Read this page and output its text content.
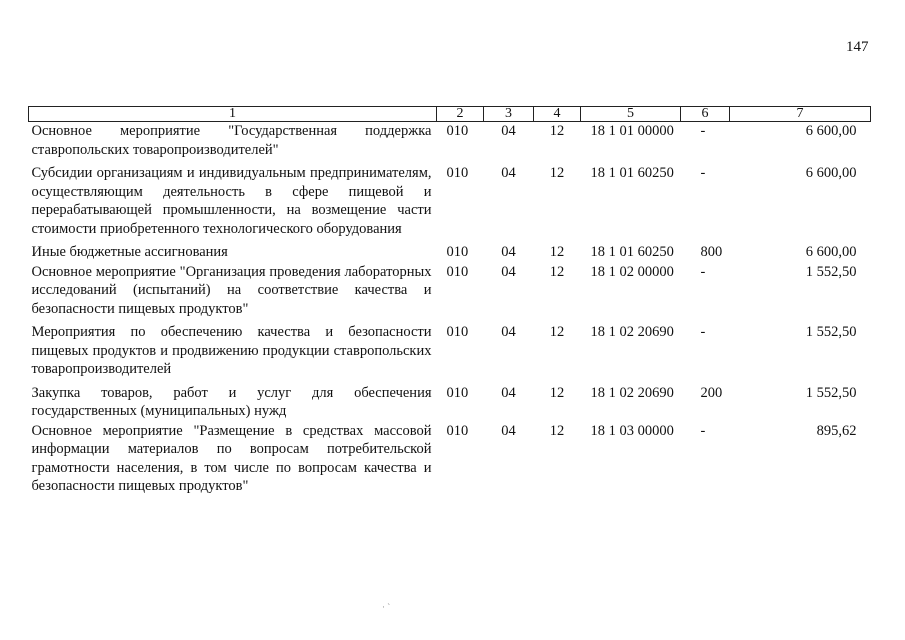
147
1	2	3	4	5	6	7
Основное мероприятие "Государственная поддержка ставропольских товаропроизводителей"	010	04	12	18 1 01 00000	-	6 600,00
Субсидии организациям и индивидуальным предпринимателям, осуществляющим деятельность в сфере пищевой и перерабатывающей промышленности, на возмещение части стоимости приобретенного технологического оборудования	010	04	12	18 1 01 60250	-	6 600,00
Иные бюджетные ассигнования	010	04	12	18 1 01 60250	800	6 600,00
Основное мероприятие "Организация проведения лабораторных исследований (испытаний) на соответствие качества и безопасности пищевых продуктов"	010	04	12	18 1 02 00000	-	1 552,50
Мероприятия по обеспечению качества и безопасности пищевых продуктов и продвижению продукции ставропольских товаропроизводителей	010	04	12	18 1 02 20690	-	1 552,50
Закупка товаров, работ и услуг для обеспечения государственных (муниципальных) нужд	010	04	12	18 1 02 20690	200	1 552,50
Основное мероприятие "Размещение в средствах массовой информации материалов по вопросам потребительской грамотности населения, в том числе по вопросам качества и безопасности пищевых продуктов"	010	04	12	18 1 03 00000	-	895,62
· ˋ
